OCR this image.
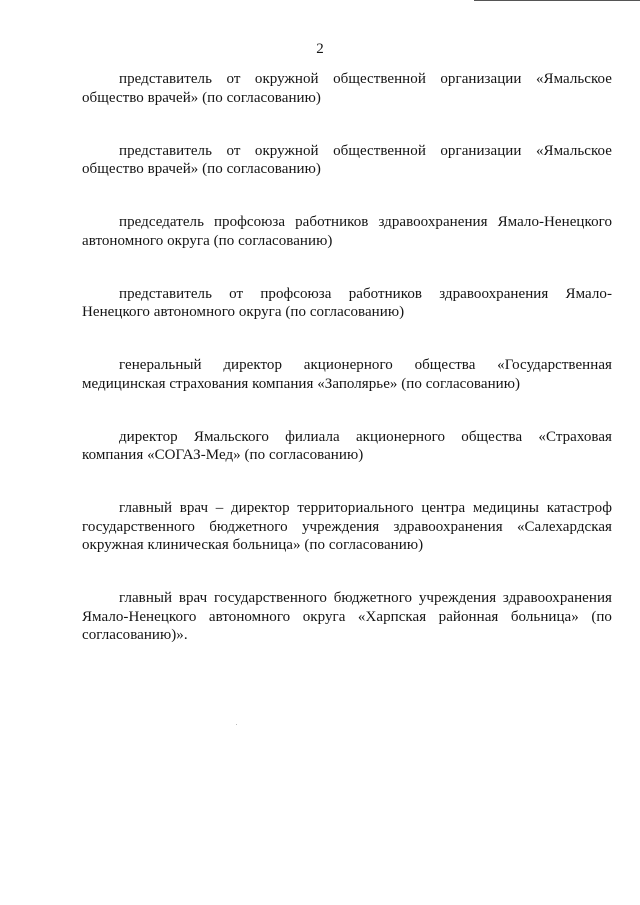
2

представитель от окружной общественной организации «Ямальское общество врачей» (по согласованию)

представитель от окружной общественной организации «Ямальское общество врачей» (по согласованию)

председатель профсоюза работников здравоохранения Ямало-Ненецкого автономного округа (по согласованию)

представитель от профсоюза работников здравоохранения Ямало-Ненецкого автономного округа (по согласованию)

генеральный директор акционерного общества «Государственная медицинская страхования компания «Заполярье» (по согласованию)

директор Ямальского филиала акционерного общества «Страховая компания «СОГАЗ-Мед» (по согласованию)

главный врач – директор территориального центра медицины катастроф государственного бюджетного учреждения здравоохранения «Салехардская окружная клиническая больница» (по согласованию)

главный врач государственного бюджетного учреждения здравоохранения Ямало-Ненецкого автономного округа «Харпская районная больница» (по согласованию)».
